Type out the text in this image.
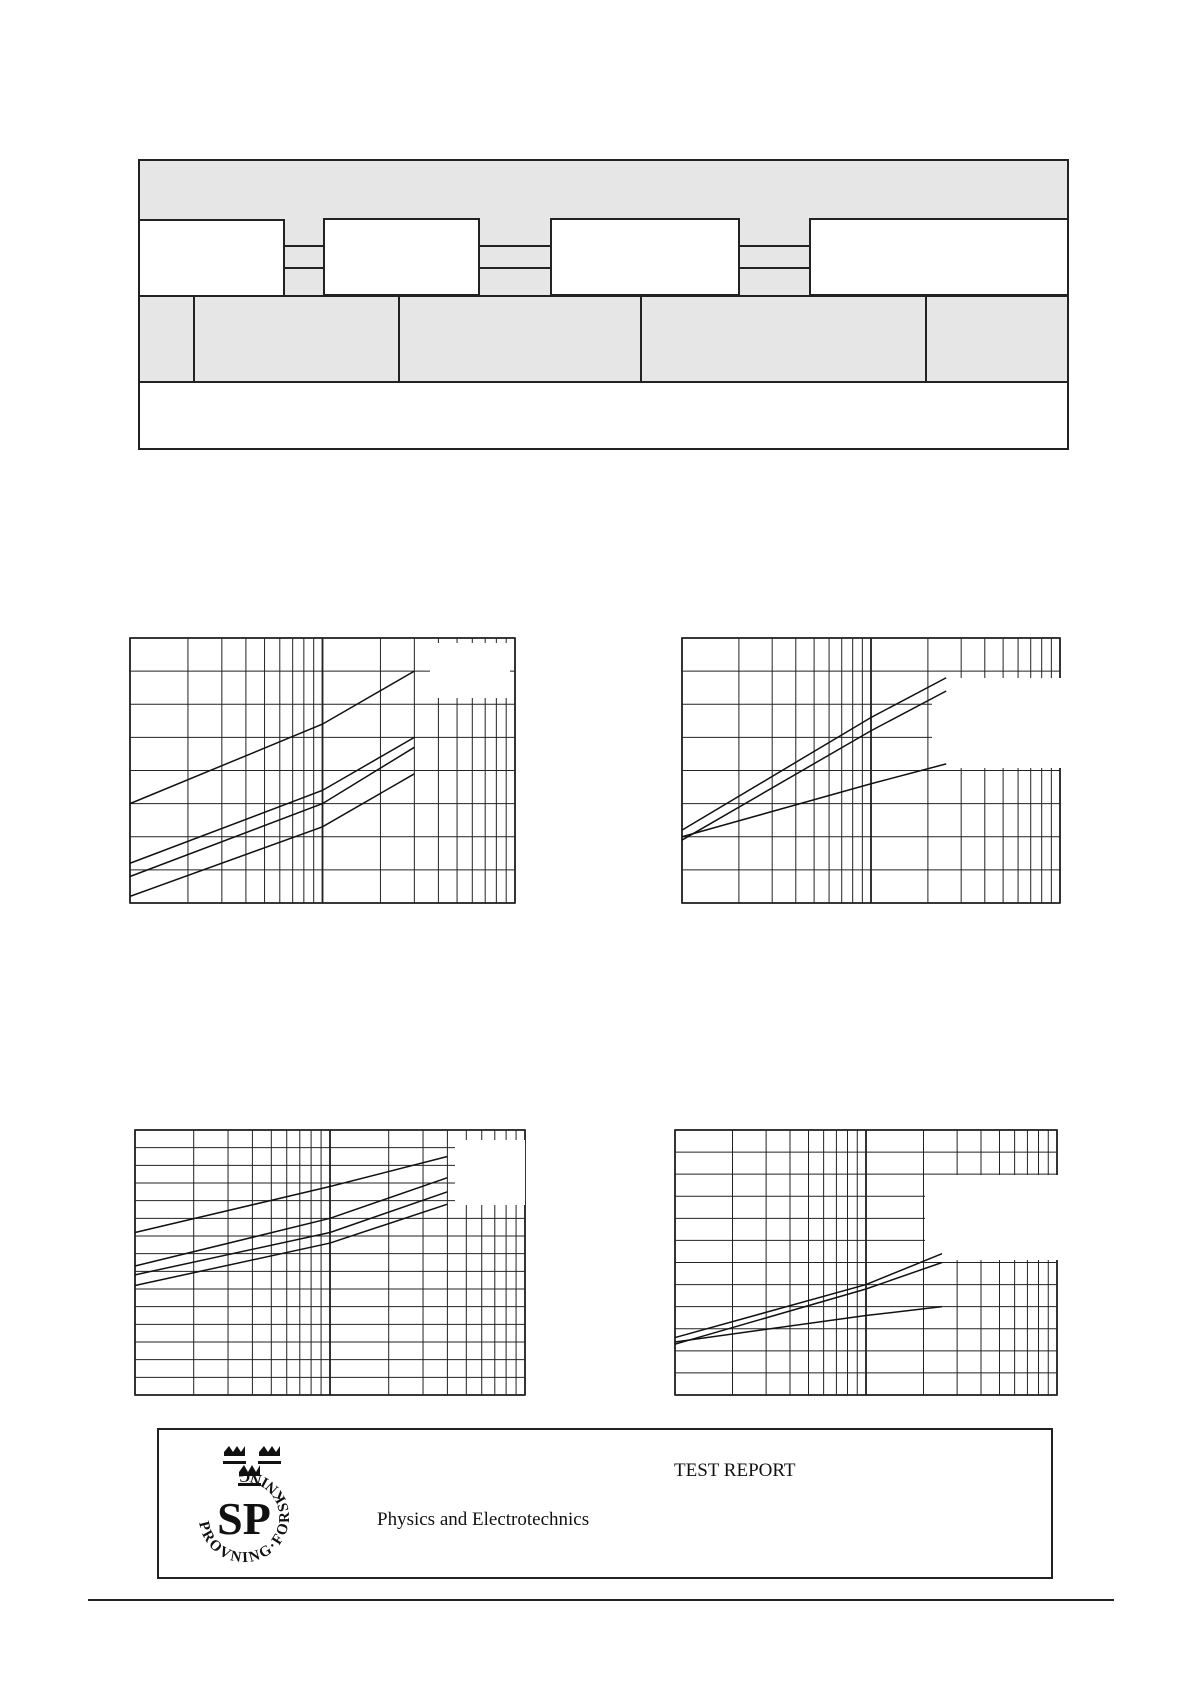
PROVNING·FORSKNING
SP
TEST REPORT
Physics and Electrotechnics
